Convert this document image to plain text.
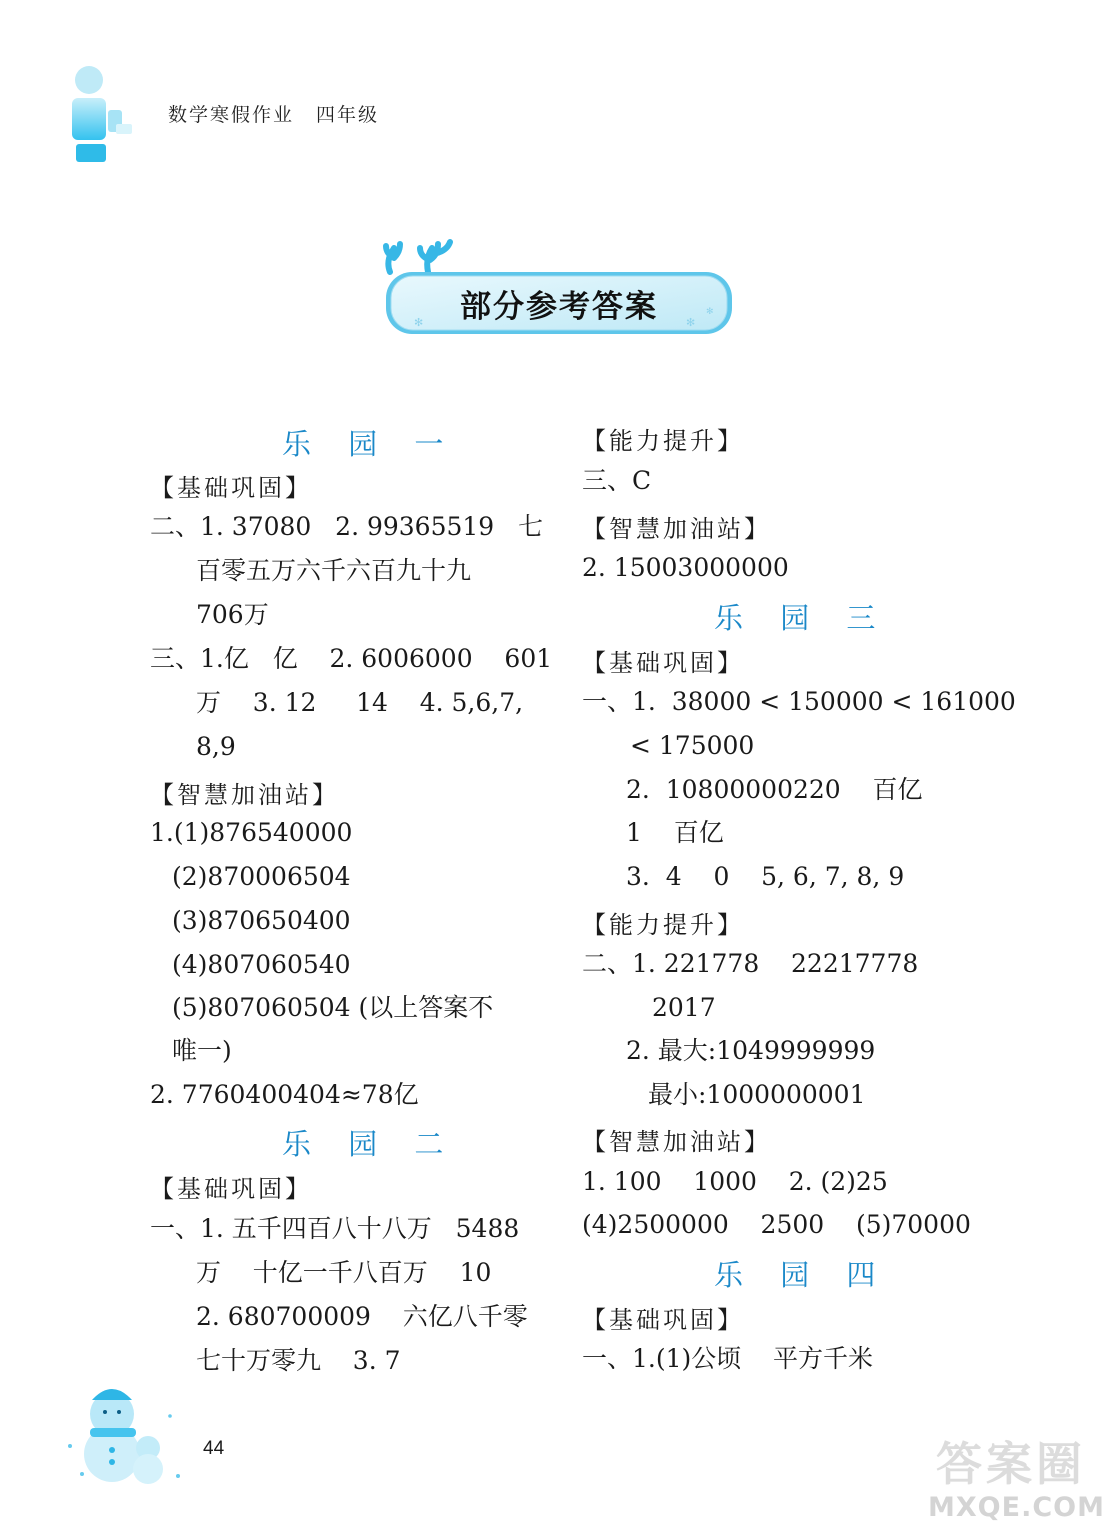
数学寒假作业 四年级
✻	✻
✻
部分参考答案
乐 园 一
【基础巩固】
二、1. 37080   2. 99365519   七
百零五万六千六百九十九
706万
三、1.亿   亿    2. 6006000    601
万    3. 12     14    4. 5,6,7,
8,9
【智慧加油站】
1.(1)876540000
(2)870006504
(3)870650400
(4)807060540
(5)807060504 (以上答案不
唯一)
2. 7760400404≈78亿
乐 园 二
【基础巩固】
一、1. 五千四百八十八万   5488
万    十亿一千八百万    10
2. 680700009    六亿八千零
七十万零九    3. 7
【能力提升】
三、C
【智慧加油站】
2. 15003000000
乐 园 三
【基础巩固】
一、1.  38000 < 150000 < 161000
< 175000
2.  10800000220    百亿
1    百亿
3.  4    0    5, 6, 7, 8, 9
【能力提升】
二、1. 221778    22217778
2017
2. 最大:1049999999
最小:1000000001
【智慧加油站】
1. 100    1000    2. (2)25
(4)2500000    2500    (5)70000
乐 园 四
【基础巩固】
一、1.(1)公顷    平方千米
44	答案圈
MXQE.COM
